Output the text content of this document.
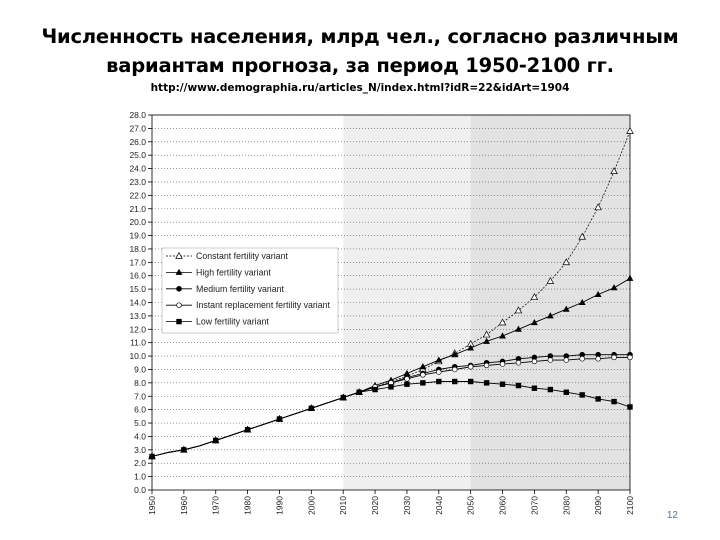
Численность населения, млрд чел., согласно различным
вариантам прогноза, за период 1950-2100 гг.
http://www.demographia.ru/articles_N/index.html?idR=22&idArt=1904
0.0
1.0
2.0
3.0
4.0
5.0
6.0
7.0
8.0
9.0
10.0
11.0
12.0
13.0
14.0
15.0
16.0
17.0
18.0
19.0
20.0
21.0
22.0
23.0
24.0
25.0
26.0
27.0
28.0
1950	1960	1970	1980	1990	2000	2010	2020	2030	2040	2050	2060	2070	2080	2090	2100
Constant fertility variant
High fertility variant
Medium fertility variant
Instant replacement fertility variant
Low fertility variant
12
